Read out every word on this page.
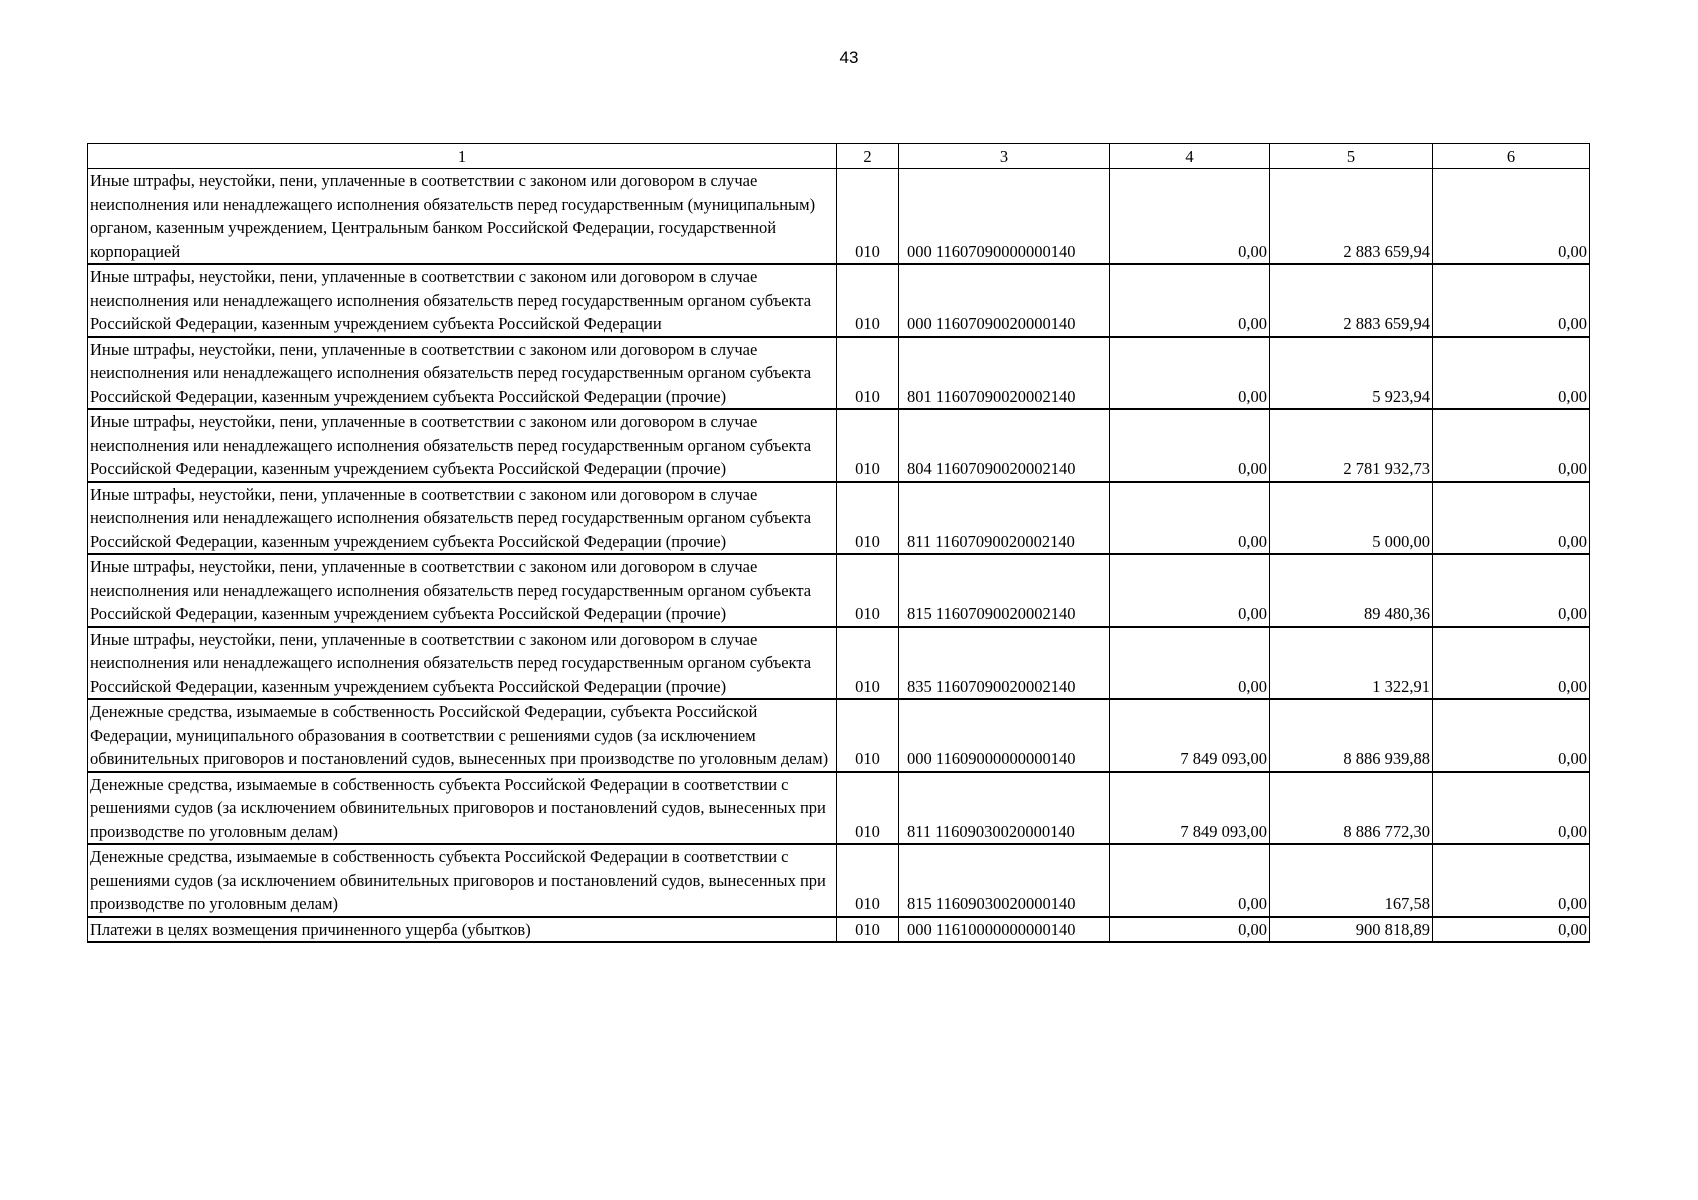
43
1	2	3	4	5	6
Иные штрафы, неустойки, пени, уплаченные в соответствии с законом или договором в случае неисполнения или ненадлежащего исполнения обязательств перед государственным (муниципальным) органом, казенным учреждением, Центральным банком Российской Федерации, государственной корпорацией	010	000 11607090000000140	0,00	2 883 659,94	0,00
Иные штрафы, неустойки, пени, уплаченные в соответствии с законом или договором в случае неисполнения или ненадлежащего исполнения обязательств перед государственным органом субъекта Российской Федерации, казенным учреждением субъекта Российской Федерации	010	000 11607090020000140	0,00	2 883 659,94	0,00
Иные штрафы, неустойки, пени, уплаченные в соответствии с законом или договором в случае неисполнения или ненадлежащего исполнения обязательств перед государственным органом субъекта Российской Федерации, казенным учреждением субъекта Российской Федерации (прочие)	010	801 11607090020002140	0,00	5 923,94	0,00
Иные штрафы, неустойки, пени, уплаченные в соответствии с законом или договором в случае неисполнения или ненадлежащего исполнения обязательств перед государственным органом субъекта Российской Федерации, казенным учреждением субъекта Российской Федерации (прочие)	010	804 11607090020002140	0,00	2 781 932,73	0,00
Иные штрафы, неустойки, пени, уплаченные в соответствии с законом или договором в случае неисполнения или ненадлежащего исполнения обязательств перед государственным органом субъекта Российской Федерации, казенным учреждением субъекта Российской Федерации (прочие)	010	811 11607090020002140	0,00	5 000,00	0,00
Иные штрафы, неустойки, пени, уплаченные в соответствии с законом или договором в случае неисполнения или ненадлежащего исполнения обязательств перед государственным органом субъекта Российской Федерации, казенным учреждением субъекта Российской Федерации (прочие)	010	815 11607090020002140	0,00	89 480,36	0,00
Иные штрафы, неустойки, пени, уплаченные в соответствии с законом или договором в случае неисполнения или ненадлежащего исполнения обязательств перед государственным органом субъекта Российской Федерации, казенным учреждением субъекта Российской Федерации (прочие)	010	835 11607090020002140	0,00	1 322,91	0,00
Денежные средства, изымаемые в собственность Российской Федерации, субъекта Российской Федерации, муниципального образования в соответствии с решениями судов (за исключением обвинительных приговоров и постановлений судов, вынесенных при производстве по уголовным делам)	010	000 11609000000000140	7 849 093,00	8 886 939,88	0,00
Денежные средства, изымаемые в собственность субъекта Российской Федерации в соответствии с решениями судов (за исключением обвинительных приговоров и постановлений судов, вынесенных при производстве по уголовным делам)	010	811 11609030020000140	7 849 093,00	8 886 772,30	0,00
Денежные средства, изымаемые в собственность субъекта Российской Федерации в соответствии с решениями судов (за исключением обвинительных приговоров и постановлений судов, вынесенных при производстве по уголовным делам)	010	815 11609030020000140	0,00	167,58	0,00
Платежи в целях возмещения причиненного ущерба (убытков)	010	000 11610000000000140	0,00	900 818,89	0,00
